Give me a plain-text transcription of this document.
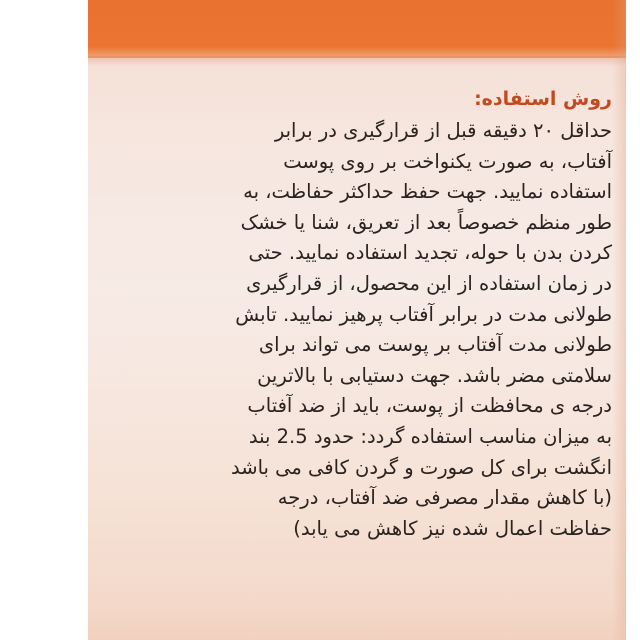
روش استفاده:
حداقل ۲۰ دقیقه قبل از قرارگیری در برابر
آفتاب، به صورت یکنواخت بر روی پوست
استفاده نمایید. جهت حفظ حداکثر حفاظت، به
طور منظم خصوصاً بعد از تعریق، شنا یا خشک
کردن بدن با حوله، تجدید استفاده نمایید. حتی
در زمان استفاده از این محصول، از قرارگیری
طولانی مدت در برابر آفتاب پرهیز نمایید. تابش
طولانی مدت آفتاب بر پوست می تواند برای
سلامتی مضر باشد. جهت دستیابی با بالاترین
درجه ی محافظت از پوست، باید از ضد آفتاب
به میزان مناسب استفاده گردد: حدود 2.5 بند
انگشت برای کل صورت و گردن کافی می باشد
(با کاهش مقدار مصرفی ضد آفتاب، درجه
حفاظت اعمال شده نیز کاهش می یابد)
